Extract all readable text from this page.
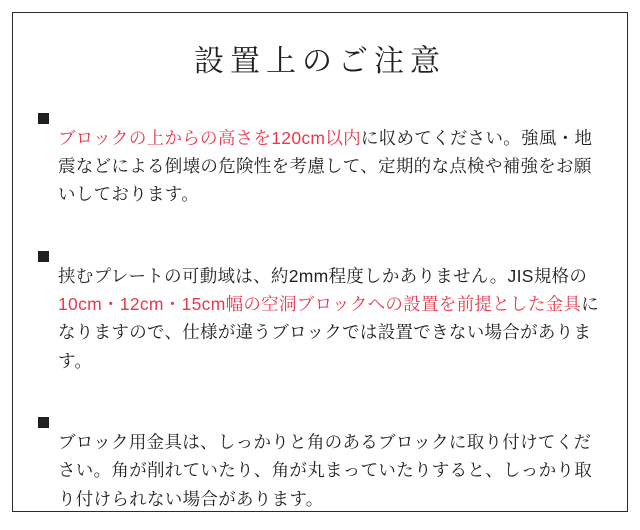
設置上のご注意

ブロックの上からの高さを120cm以内に収めてください。強風・地震などによる倒壊の危険性を考慮して、定期的な点検や補強をお願いしております。

挟むプレートの可動域は、約2mm程度しかありません。JIS規格の10cm・12cm・15cm幅の空洞ブロックへの設置を前提とした金具になりますので、仕様が違うブロックでは設置できない場合があります。

ブロック用金具は、しっかりと角のあるブロックに取り付けてください。角が削れていたり、角が丸まっていたりすると、しっかり取り付けられない場合があります。
